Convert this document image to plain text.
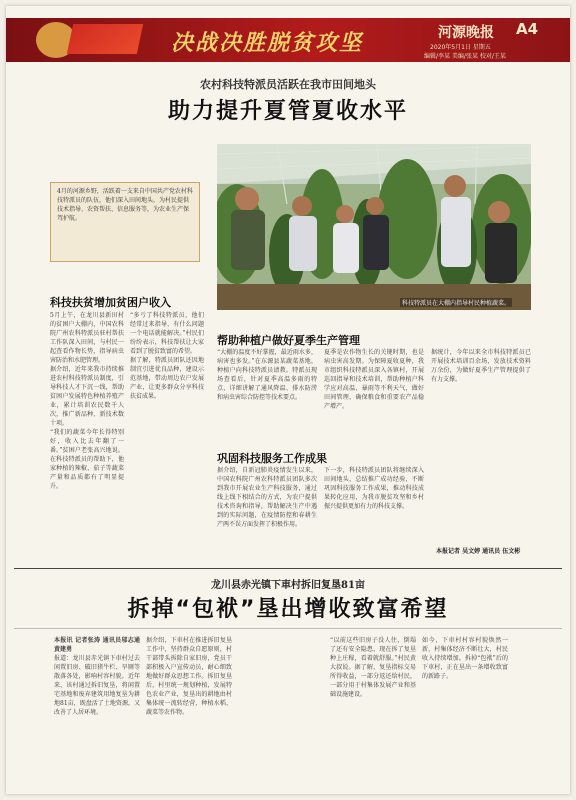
决战决胜脱贫攻坚	河源晚报 A4
2020年5月1日 星期五
编辑/李某 美编/张某 校对/王某
农村科技特派员活跃在我市田间地头
助力提升夏管夏收水平
4月的河源乡野，活跃着一支来自中国共产党农村科技特派员的队伍，他们深入田间地头，为村民提供技术指导、农资帮扶、信息服务等，为农业生产保驾护航。
科技特派员在大棚内指导村民种植蔬菜。
科技扶贫增加贫困户收入

5月上午，在龙川县新田村的贫困户大棚内，中国农科院广州农科特派员驻村帮扶工作队深入田间，与村民一起查看作物长势，指导病虫害防治和水肥管理。

据介绍，近年来我市持续推进农村科技特派员制度，引导科技人才下沉一线，帮助贫困户发展特色种植养殖产业，累计培训农民数千人次，推广新品种、新技术数十项。

“我们的蔬菜今年长得特别好，收入比去年翻了一番。”贫困户老张高兴地说。在科技特派员的帮助下，他家种植的辣椒、茄子等蔬菜产量和品质都有了明显提升。

“多亏了科技特派员，他们经常过来指导，有什么问题一个电话就能解决。”村民们纷纷表示，科技帮扶让大家看到了脱贫致富的希望。

据了解，特派员团队还因地制宜引进优良品种，建设示范基地，带动周边农户发展产业，让更多群众分享科技扶贫成果。

帮助种植户做好夏季生产管理

“大棚的温度不好掌握，最近雨水多，病害也多发。”在东源县某蔬菜基地，种植户向科技特派员请教。特派员现场查看后，针对夏季高温多雨的特点，详细讲解了通风降温、排水防涝和病虫害综合防控等技术要点。

夏季是农作物生长的关键时期，也是病虫害高发期。为保障夏收夏种，我市组织科技特派员深入各镇村，开展巡回指导和技术培训，帮助种植户科学应对高温、暴雨等不利天气，做好田间管理，确保粮食和重要农产品稳产增产。

据统计，今年以来全市科技特派员已开展技术培训百余场，发放技术资料万余份，为做好夏季生产管理提供了有力支撑。

巩固科技服务工作成果

据介绍，自新冠肺炎疫情发生以来，中国农科院广州农科特派员团队多次到我市开展农业生产科技服务，通过线上线下相结合的方式，为农户提供技术咨询和指导，帮助解决生产中遇到的实际问题，在疫情防控和春耕生产两不误方面发挥了积极作用。

下一步，科技特派员团队将继续深入田间地头，总结推广成功经验，不断巩固科技服务工作成果，推动科技成果转化应用，为我市脱贫攻坚和乡村振兴提供更加有力的科技支撑。

本报记者 吴文婷 通讯员 伍文彬
龙川县赤光镇下車村拆旧复垦81亩
拆掉“包袱”垦出增收致富希望

本报讯 记者张涛 通讯员邬志通 黄建勇

报道：龙川县赤光镇下車村过去闲置旧房、破旧猪牛栏、旱厕等散落各处，影响村容村貌。近年来，该村通过拆旧复垦，将闲置宅基地和废弃建筑用地复垦为耕地81亩，既盘活了土地资源，又改善了人居环境。

据介绍，下車村在推进拆旧复垦工作中，坚持群众自愿原则，村干部带头拆除自家旧房，党员干部积极入户宣传动员，耐心细致地做好群众思想工作。拆旧复垦后，村里统一规划种植，发展特色农业产业，复垦出的耕地由村集体统一流转经营，种植水稻、蔬菜等农作物。

“以前这些旧房子没人住，倒塌了还有安全隐患，现在拆了复垦种上庄稼，看着就舒服。”村民黄大叔说。据了解，复垦指标交易所得收益，一部分返还给村民，一部分用于村集体发展产业和基础设施建设。

如今，下車村村容村貌焕然一新，村集体经济不断壮大，村民收入持续增加。拆掉“包袱”后的下車村，正在垦出一条增收致富的新路子。
